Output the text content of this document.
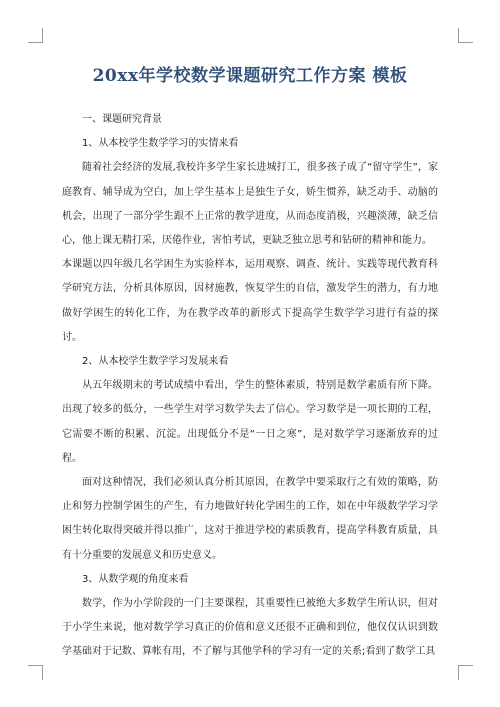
20xx年学校数学课题研究工作方案 模板

一、课题研究背景

1、从本校学生数学学习的实情来看

随着社会经济的发展,我校许多学生家长进城打工，很多孩子成了“留守学生”，家庭教育、辅导成为空白，加上学生基本上是独生子女，娇生惯养，缺乏动手、动脑的机会，出现了一部分学生跟不上正常的教学进度，从而态度消极，兴趣淡薄，缺乏信心，他上课无精打采，厌倦作业，害怕考试，更缺乏独立思考和钻研的精神和能力。

本课题以四年级几名学困生为实验样本，运用观察、调查、统计、实践等现代教育科学研究方法，分析具体原因，因材施教，恢复学生的自信，激发学生的潜力，有力地做好学困生的转化工作，为在教学改革的新形式下提高学生数学学习进行有益的探讨。

2、从本校学生数学学习发展来看

从五年级期末的考试成绩中看出，学生的整体素质，特别是数学素质有所下降。出现了较多的低分，一些学生对学习数学失去了信心。学习数学是一项长期的工程，它需要不断的积累、沉淀。出现低分不是“一日之寒”，是对数学学习逐渐放弃的过程。

面对这种情况，我们必须认真分析其原因，在教学中要采取行之有效的策略，防止和努力控制学困生的产生，有力地做好转化学困生的工作，如在中年级数学学习学困生转化取得突破并得以推广，这对于推进学校的素质教育，提高学科教育质量，具有十分重要的发展意义和历史意义。

3、从数学观的角度来看

数学，作为小学阶段的一门主要课程，其重要性已被绝大多数学生所认识，但对于小学生来说，他对数学学习真正的价值和意义还很不正确和到位，他仅仅认识到数学基础对于记数、算帐有用，不了解与其他学科的学习有一定的关系;看到了数学工具
